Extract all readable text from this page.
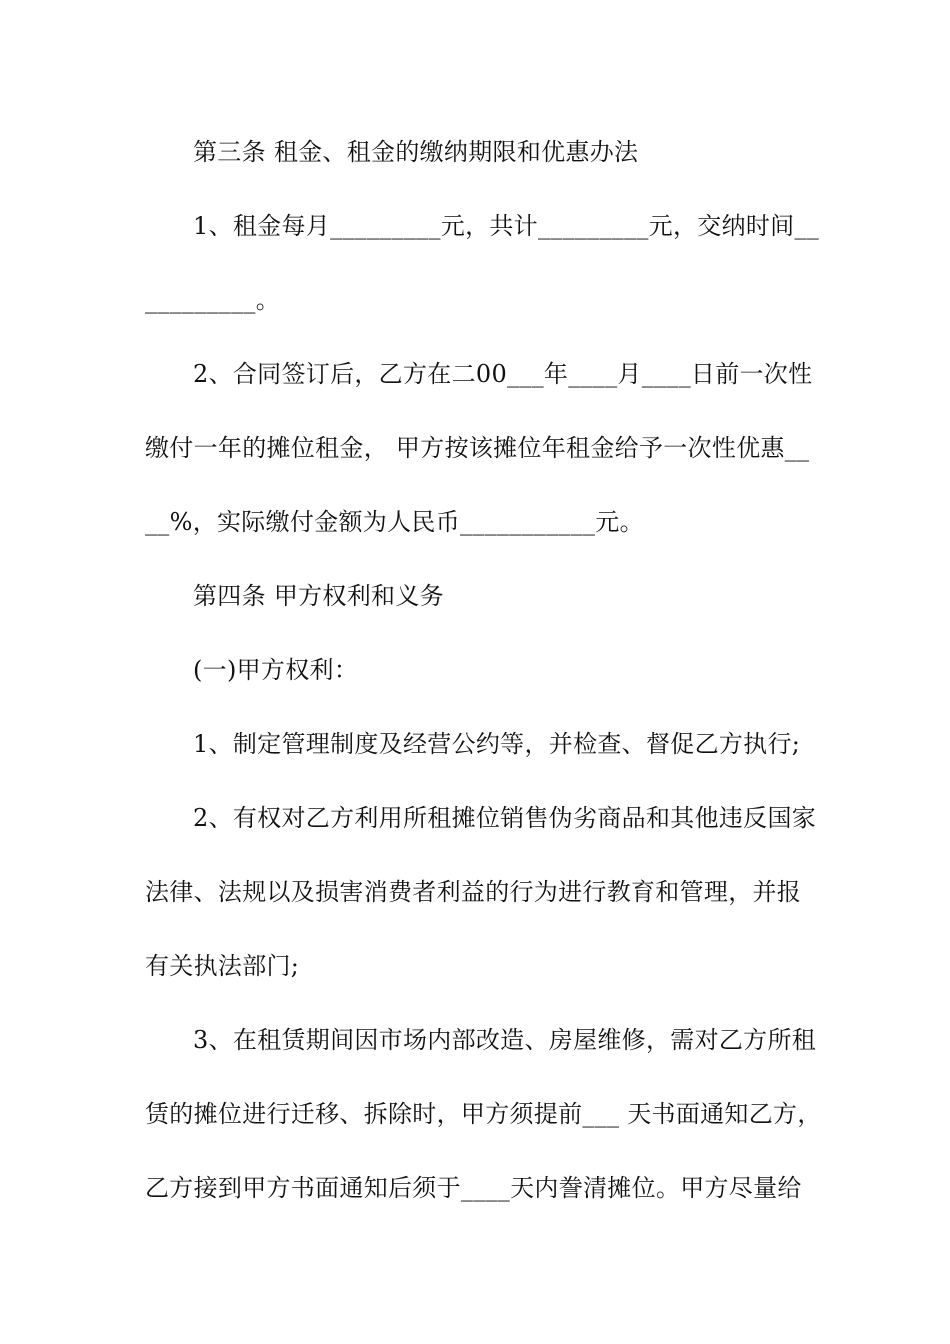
第三条 租金、租金的缴纳期限和优惠办法
1、租金每月_________元，共计_________元，交纳时间__
_________。
2、合同签订后，乙方在二00___年____月____日前一次性
缴付一年的摊位租金， 甲方按该摊位年租金给予一次性优惠__
__%，实际缴付金额为人民币___________元。
第四条 甲方权利和义务
(一)甲方权利：
1、制定管理制度及经营公约等，并检查、督促乙方执行;
2、有权对乙方利用所租摊位销售伪劣商品和其他违反国家
法律、法规以及损害消费者利益的行为进行教育和管理，并报
有关执法部门;
3、在租赁期间因市场内部改造、房屋维修，需对乙方所租
赁的摊位进行迁移、拆除时，甲方须提前___ 天书面通知乙方，
乙方接到甲方书面通知后须于____天内誊清摊位。甲方尽量给
